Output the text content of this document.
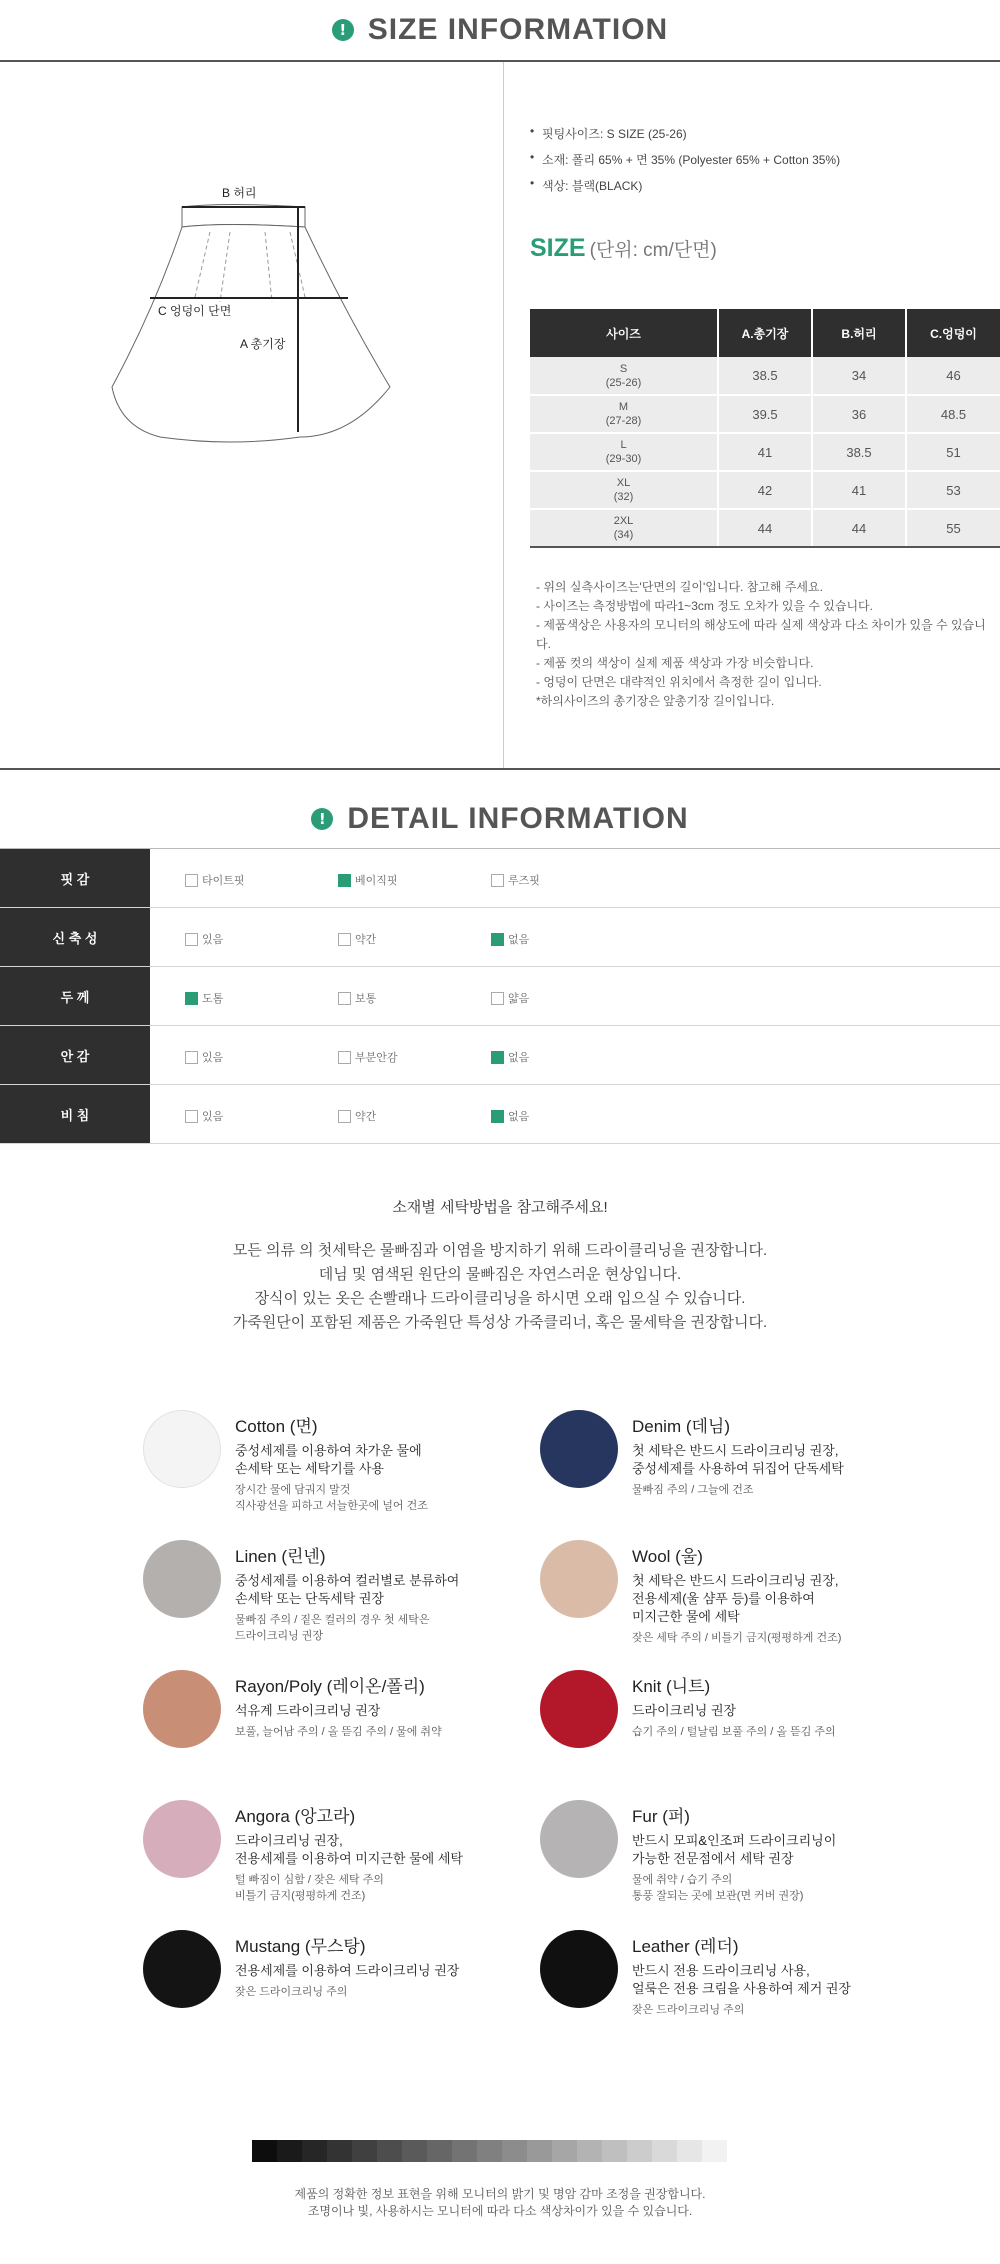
! SIZE INFORMATION
B 허리
C 엉덩이 단면
A 총기장
• 핏팅사이즈: S SIZE (25-26)
• 소재: 폴리 65% + 면 35% (Polyester 65% + Cotton 35%)
• 색상: 블랙(BLACK)
SIZE (단위: cm/단면)
사이즈	A.총기장	B.허리	C.엉덩이

S
(25-26)	38.5	34	46

M
(27-28)	39.5	36	48.5

L
(29-30)	41	38.5	51

XL
(32)	42	41	53

2XL
(34)	44	44	55
- 위의 실측사이즈는'단면의 길이'입니다. 참고해 주세요.
- 사이즈는 측정방법에 따라1~3cm 정도 오차가 있을 수 있습니다.
- 제품색상은 사용자의 모니터의 해상도에 따라 실제 색상과 다소 차이가 있을 수 있습니다.
- 제품 컷의 색상이 실제 제품 색상과 가장 비슷합니다.
- 엉덩이 단면은 대략적인 위치에서 측정한 길이 입니다.
*하의사이즈의 총기장은 앞총기장 길이입니다.
! DETAIL INFORMATION
핏 감	타이트핏	베이직핏	루즈핏
신 축 성	있음	약간	없음
두 께	도톰	보통	얇음
안 감	있음	부분안감	없음
비 침	있음	약간	없음
소재별 세탁방법을 참고해주세요!
모든 의류 의 첫세탁은 물빠짐과 이염을 방지하기 위해 드라이클리닝을 권장합니다.
데님 및 염색된 원단의 물빠짐은 자연스러운 현상입니다.
장식이 있는 옷은 손빨래나 드라이클리닝을 하시면 오래 입으실 수 있습니다.
가죽원단이 포함된 제품은 가죽원단 특성상 가죽클리너, 혹은 물세탁을 권장합니다.
Cotton (면)
중성세제를 이용하여 차가운 물에
손세탁 또는 세탁기를 사용
장시간 물에 담궈지 말것
직사광선을 피하고 서늘한곳에 널어 건조
Denim (데님)
첫 세탁은 반드시 드라이크리닝 권장,
중성세제를 사용하여 뒤집어 단독세탁
물빠짐 주의 / 그늘에 건조
Linen (린넨)
중성세제를 이용하여 컬러별로 분류하여
손세탁 또는 단독세탁 권장
물빠짐 주의 / 짙은 컬러의 경우 첫 세탁은
드라이크리닝 권장
Wool (울)
첫 세탁은 반드시 드라이크리닝 권장,
전용세제(울 샴푸 등)를 이용하여
미지근한 물에 세탁
잦은 세탁 주의 / 비틀기 금지(평평하게 건조)
Rayon/Poly (레이온/폴리)
석유계 드라이크리닝 권장
보풀, 늘어남 주의 / 올 뜯김 주의 / 물에 취약
Knit (니트)
드라이크리닝 권장
습기 주의 / 털날림 보풀 주의 / 올 뜯김 주의
Angora (앙고라)
드라이크리닝 권장,
전용세제를 이용하여 미지근한 물에 세탁
털 빠짐이 심함 / 잦은 세탁 주의
비틀기 금지(평평하게 건조)
Fur (퍼)
반드시 모피&인조퍼 드라이크리닝이
가능한 전문점에서 세탁 권장
물에 취약 / 습기 주의
통풍 잘되는 곳에 보관(면 커버 권장)
Mustang (무스탕)
전용세제를 이용하여 드라이크리닝 권장
잦은 드라이크리닝 주의
Leather (레더)
반드시 전용 드라이크리닝 사용,
얼룩은 전용 크림을 사용하여 제거 권장
잦은 드라이크리닝 주의
제품의 정확한 정보 표현을 위해 모니터의 밝기 및 명암 감마 조정을 권장합니다.
조명이나 빛, 사용하시는 모니터에 따라 다소 색상차이가 있을 수 있습니다.
